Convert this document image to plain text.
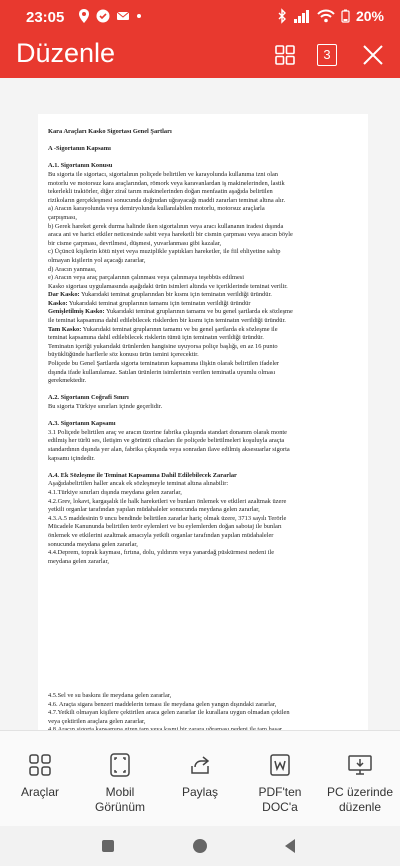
23:05	20%
Düzenle	3

Kara Araçları Kasko Sigortası Genel Şartları

A -Sigortanın Kapsamı

A.1. Sigortanın Konusu

Bu sigorta ile sigortacı, sigortalının poliçede belirtilen ve karayolunda kullanıma izni olan

motorlu ve motorsuz kara araçlarından, römork veya karavanlardan iş makinelerinden, lastik

tekerlekli traktörler, diğer ziraî tarım makinelerinden doğan menfaatin aşağıda belirtilen

rizikoların gerçekleşmesi sonucunda doğrudan uğrayacağı maddi zararları teminat altına alır.

a) Aracın karayolunda veya demiryolunda kullanılabilen motorlu, motorsuz araçlarla

çarpışması,

b) Gerek hareket gerek durma halinde iken sigortalının veya aracı kullananın iradesi dışında

araca ani ve harici etkiler neticesinde sabit veya hareketli bir cismin çarpması veya aracın böyle

bir cisme çarpması, devrilmesi, düşmesi, yuvarlanması gibi kazalar,

c) Üçüncü kişilerin kötü niyet veya muziplikle yaptıkları hareketler, ile fiil ehliyetine sahip

olmayan kişilerin yol açacağı zararlar,

d) Aracın yanması,

e) Aracın veya araç parçalarının çalınması veya çalınmaya teşebbüs edilmesi

Kasko sigortası uygulamasında aşağıdaki ürün isimleri altında ve içeriklerinde teminat verilir.

Dar Kasko: Yukarıdaki teminat gruplarından bir kısmı için teminatın verildiği üründür.

Kasko: Yukarıdaki teminat gruplarının tamamı için teminatın verildiği üründür

Genişletilmiş Kasko: Yukarıdaki teminat gruplarının tamamı ve bu genel şartlarda ek sözleşme

ile teminat kapsamına dahil edilebilecek risklerden bir kısmı için teminatın verildiği üründür.

Tam Kasko: Yukarıdaki teminat gruplarının tamamı ve bu genel şartlarda ek sözleşme ile

teminat kapsamına dahil edilebilecek risklerin tümü için teminatın verildiği üründür.

Teminatın içeriği yukarıdaki ürünlerden hangisine uyuyorsa poliçe başlığı, en az 16 punto

büyüklüğünde harflerle söz konusu ürün ismini içerecektir.

Poliçede bu Genel Şartlarda sigorta teminatının kapsamına ilişkin olarak belirtilen ifadeler

dışında ifade kullanılamaz. Satılan ürünlerin isimlerinin verilen teminatla uyumlu olması

gerekmektedir.

A.2. Sigortanın Coğrafi Sınırı

Bu sigorta Türkiye sınırları içinde geçerlidir.

A.3. Sigortanın Kapsamı

3.1 Poliçede belirtilen araç ve aracın üzerine fabrika çıkışında standart donanım olarak monte

edilmiş her türlü ses, iletişim ve görüntü cihazları ile poliçede belirtilmeleri koşuluyla araçta

standardının dışında yer alan, fabrika çıkışında veya sonradan ilave edilmiş aksesuarlar sigorta

kapsamı içindedir.

A.4. Ek Sözleşme ile Teminat Kapsamına Dahil Edilebilecek Zararlar

Aşağıdabelirtilen haller ancak ek sözleşmeyle teminat altına alınabilir:

4.1.Türkiye sınırları dışında meydana gelen zararlar,

4.2.Grev, lokavt, kargaşalık ile halk hareketleri ve bunları önlemek ve etkileri azaltmak üzere

yetkili organlar tarafından yapılan müdahaleler sonucunda meydana gelen zararlar,

4.3.A.5 maddesinin 9 uncu bendinde belirtilen zararlar hariç olmak üzere, 3713 sayılı Terörle

Mücadele Kanununda belirtilen terör eylemleri ve bu eylemlerden doğan sabotaj ile bunları

önlemek ve etkilerini azaltmak amacıyla yetkili organlar tarafından yapılan müdahaleler

sonucunda meydana gelen zararlar,

4.4.Deprem, toprak kayması, fırtına, dolu, yıldırım veya yanardağ püskürmesi nedeni ile

meydana gelen zararlar,

4.5.Sel ve su baskını ile meydana gelen zararlar,

4.6. Araçta sigara benzeri maddelerin teması ile meydana gelen yangın dışındaki zararlar,

4.7.Yetkili olmayan kişilere çektirilen araca gelen zararlar ile kurallara uygun olmadan çekilen

veya çektirilen araçlara gelen zararlar,

Araçlar	Mobil Görünüm
Paylaş	PDF'ten DOC'a
PC üzerinde düzenle
